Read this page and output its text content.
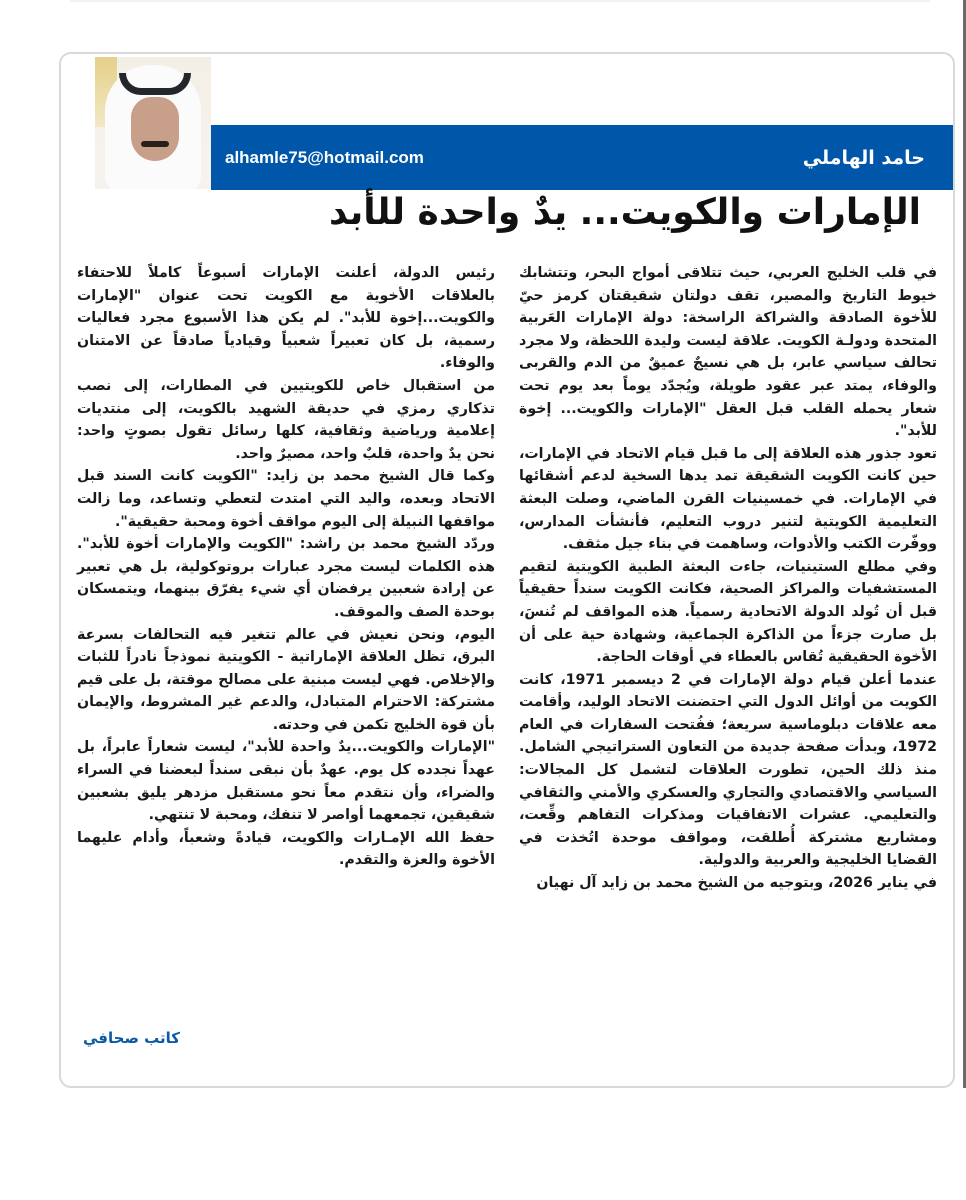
alhamle75@hotmail.com	حامد الهاملي
الإمارات والكويت... يدٌ واحدة للأبد

في قلب الخليج العربي، حيث تتلاقى أمواج البحر، وتتشابك خيوط التاريخ والمصير، تقف دولتان شقيقتان كرمز حيّ للأخوة الصادقة والشراكة الراسخة: دولة الإمارات العَربية المتحدة ودولـة الكويت. علاقة ليست وليدة اللحظة، ولا مجرد تحالف سياسي عابر، بل هي نسيجٌ عميقٌ من الدم والقربى والوفاء، يمتد عبر عقود طويلة، ويُجدّد يوماً بعد يوم تحت شعار يحمله القلب قبل العقل "الإمارات والكويت... إخوة للأبد".

تعود جذور هذه العلاقة إلى ما قبل قيام الاتحاد في الإمارات، حين كانت الكويت الشقيقة تمد يدها السخية لدعم أشقائها في الإمارات. في خمسينيات القرن الماضي، وصلت البعثة التعليمية الكويتية لتنير دروب التعليم، فأنشأت المدارس، ووفّرت الكتب والأدوات، وساهمت في بناء جيل مثقف.

وفي مطلع الستينيات، جاءت البعثة الطبية الكويتية لتقيم المستشفيات والمراكز الصحية، فكانت الكويت سنداً حقيقياً قبل أن تُولد الدولة الاتحادية رسمياً. هذه المواقف لم تُنسَ، بل صارت جزءاً من الذاكرة الجماعية، وشهادة حية على أن الأخوة الحقيقية تُقاس بالعطاء في أوقات الحاجة.

عندما أعلن قيام دولة الإمارات في 2 ديسمبر 1971، كانت الكويت من أوائل الدول التي احتضنت الاتحاد الوليد، وأقامت معه علاقات دبلوماسية سريعة؛ ففُتحت السفارات في العام 1972، وبدأت صفحة جديدة من التعاون الستراتيجي الشامل. منذ ذلك الحين، تطورت العلاقات لتشمل كل المجالات: السياسي والاقتصادي والتجاري والعسكري والأمني والثقافي والتعليمي. عشرات الاتفاقيات ومذكرات التفاهم وقِّعت، ومشاريع مشتركة أُطلقت، ومواقف موحدة اتُخذت في القضايا الخليجية والعربية والدولية.

في يناير 2026، وبتوجيه من الشيخ محمد بن زايد آل نهيان

رئيس الدولة، أعلنت الإمارات أسبوعاً كاملاً للاحتفاء بالعلاقات الأخوية مع الكويت تحت عنوان "الإمارات والكويت...إخوة للأبد". لم يكن هذا الأسبوع مجرد فعاليات رسمية، بل كان تعبيراً شعبياً وقيادياً صادقاً عن الامتنان والوفاء.

من استقبال خاص للكويتيين في المطارات، إلى نصب تذكاري رمزي في حديقة الشهيد بالكويت، إلى منتديات إعلامية ورياضية وثقافية، كلها رسائل تقول بصوتٍ واحد: نحن يدٌ واحدة، قلبٌ واحد، مصيرٌ واحد.

وكما قال الشيخ محمد بن زايد: "الكويت كانت السند قبل الاتحاد وبعده، واليد التي امتدت لتعطي وتساعد، وما زالت مواقفها النبيلة إلى اليوم مواقف أخوة ومحبة حقيقية".

وردّد الشيخ محمد بن راشد: "الكويت والإمارات أخوة للأبد". هذه الكلمات ليست مجرد عبارات بروتوكولية، بل هي تعبير عن إرادة شعبين يرفضان أي شيء يفرّق بينهما، ويتمسكان بوحدة الصف والموقف.

اليوم، ونحن نعيش في عالم تتغير فيه التحالفات بسرعة البرق، تظل العلاقة الإماراتية - الكويتية نموذجاً نادراً للثبات والإخلاص. فهي ليست مبنية على مصالح موقتة، بل على قيم مشتركة: الاحترام المتبادل، والدعم غير المشروط، والإيمان بأن قوة الخليج تكمن في وحدته.

"الإمارات والكويت...يدٌ واحدة للأبد"، ليست شعاراً عابراً، بل عهداً نجدده كل يوم. عهدٌ بأن نبقى سنداً لبعضنا في السراء والضراء، وأن نتقدم معاً نحو مستقبل مزدهر يليق بشعبين شقيقين، تجمعهما أواصر لا تنفك، ومحبة لا تنتهي.

حفظ الله الإمـارات والكويت، قيادةً وشعباً، وأدام عليهما الأخوة والعزة والتقدم.

كاتب صحافي
